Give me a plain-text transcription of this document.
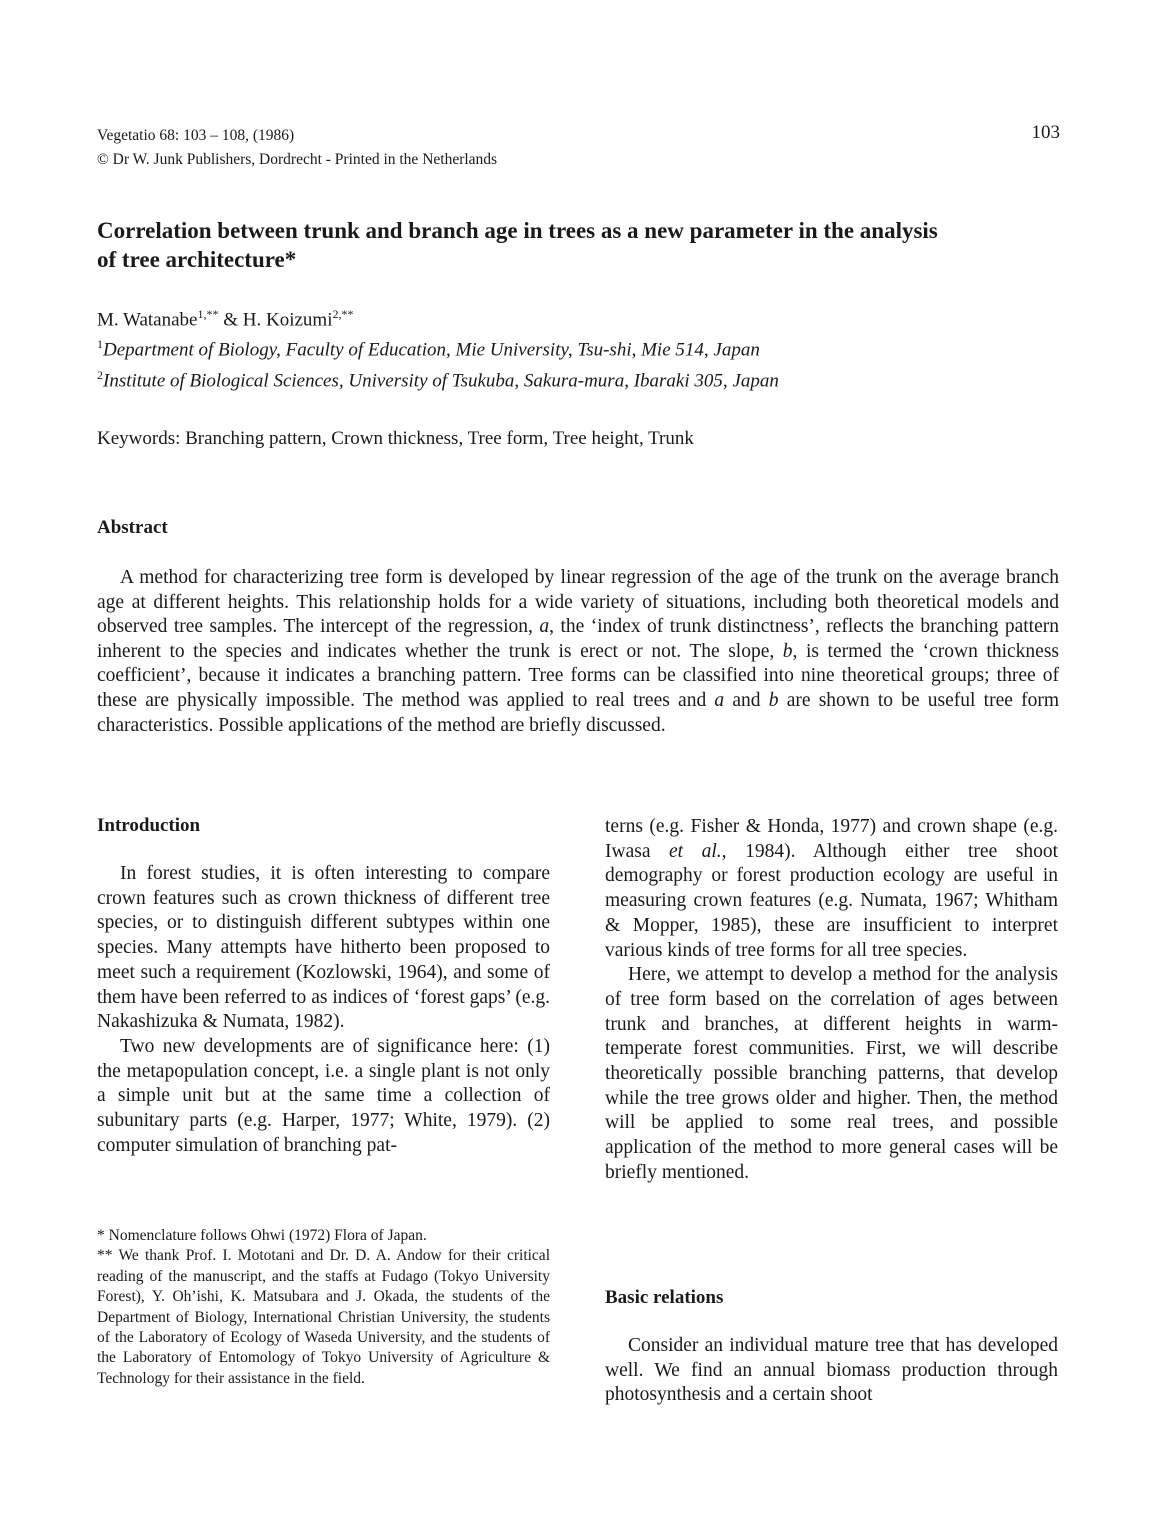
Vegetatio 68: 103 – 108, (1986)
© Dr W. Junk Publishers, Dordrecht - Printed in the Netherlands
103
Correlation between trunk and branch age in trees as a new parameter in the analysis
of tree architecture*
M. Watanabe$^{1,**}$ & H. Koizumi$^{2,**}$
$^1$Department of Biology, Faculty of Education, Mie University, Tsu-shi, Mie 514, Japan
$^2$Institute of Biological Sciences, University of Tsukuba, Sakura-mura, Ibaraki 305, Japan
Keywords: Branching pattern, Crown thickness, Tree form, Tree height, Trunk
Abstract
A method for characterizing tree form is developed by linear regression of the age of the trunk on the average branch age at different heights. This relationship holds for a wide variety of situations, including both theoretical models and observed tree samples. The intercept of the regression, a, the ‘index of trunk distinctness’, reflects the branching pattern inherent to the species and indicates whether the trunk is erect or not. The slope, b, is termed the ‘crown thickness coefficient’, because it indicates a branching pattern. Tree forms can be classified into nine theoretical groups; three of these are physically impossible. The method was applied to real trees and a and b are shown to be useful tree form characteristics. Possible applications of the method are briefly discussed.
Introduction

In forest studies, it is often interesting to compare crown features such as crown thickness of different tree species, or to distinguish different subtypes within one species. Many attempts have hitherto been proposed to meet such a requirement (Kozlowski, 1964), and some of them have been referred to as indices of ‘forest gaps’ (e.g. Nakashizuka & Numata, 1982).

Two new developments are of significance here: (1) the metapopulation concept, i.e. a single plant is not only a simple unit but at the same time a collection of subunitary parts (e.g. Harper, 1977; White, 1979). (2) computer simulation of branching pat-

* Nomenclature follows Ohwi (1972) Flora of Japan.

** We thank Prof. I. Mototani and Dr. D. A. Andow for their critical reading of the manuscript, and the staffs at Fudago (Tokyo University Forest), Y. Oh’ishi, K. Matsubara and J. Okada, the students of the Department of Biology, International Christian University, the students of the Laboratory of Ecology of Waseda University, and the students of the Laboratory of Entomology of Tokyo University of Agriculture & Technology for their assistance in the field.

terns (e.g. Fisher & Honda, 1977) and crown shape (e.g. Iwasa et al., 1984). Although either tree shoot demography or forest production ecology are useful in measuring crown features (e.g. Numata, 1967; Whitham & Mopper, 1985), these are insufficient to interpret various kinds of tree forms for all tree species.

Here, we attempt to develop a method for the analysis of tree form based on the correlation of ages between trunk and branches, at different heights in warm-temperate forest communities. First, we will describe theoretically possible branching patterns, that develop while the tree grows older and higher. Then, the method will be applied to some real trees, and possible application of the method to more general cases will be briefly mentioned.

Basic relations

Consider an individual mature tree that has developed well. We find an annual biomass production through photosynthesis and a certain shoot
